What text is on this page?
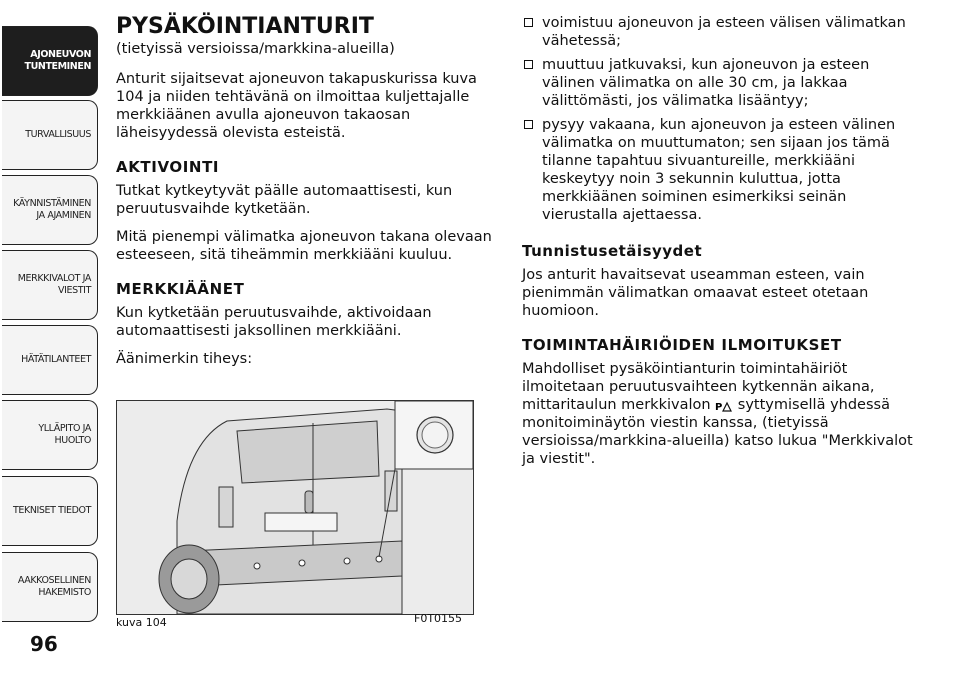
AJONEUVON
TUNTEMINEN
TURVALLISUUS
KÄYNNISTÄMINEN
JA AJAMINEN
MERKKIVALOT JA
VIESTIT
HÄTÄTILANTEET
YLLÄPITO JA HUOLTO
TEKNISET TIEDOT
AAKKOSELLINEN
HAKEMISTO
96
PYSÄKÖINTIANTURIT
(tietyissä versioissa/markkina-alueilla)

Anturit sijaitsevat ajoneuvon takapuskurissa kuva 104 ja niiden tehtävänä on ilmoittaa kuljettajalle merkkiäänen avulla ajoneuvon takaosan läheisyydessä olevista esteistä.

AKTIVOINTI

Tutkat kytkeytyvät päälle automaattisesti, kun peruutusvaihde kytketään.

Mitä pienempi välimatka ajoneuvon takana olevaan esteeseen, sitä tiheämmin merkkiääni kuuluu.

MERKKIÄÄNET

Kun kytketään peruutusvaihde, aktivoidaan automaattisesti jaksollinen merkkiääni.

Äänimerkin tiheys:

kuva 104	F0T0155
voimistuu ajoneuvon ja esteen välisen välimatkan vähetessä;
muuttuu jatkuvaksi, kun ajoneuvon ja esteen välinen välimatka on alle 30 cm, ja lakkaa välittömästi, jos välimatka lisääntyy;
pysyy vakaana, kun ajoneuvon ja esteen välinen välimatka on muuttumaton; sen sijaan jos tämä tilanne tapahtuu sivuantureille, merkkiääni keskeytyy noin 3 sekunnin kuluttua, jotta merkkiäänen soiminen esimerkiksi seinän vierustalla ajettaessa.
Tunnistusetäisyydet

Jos anturit havaitsevat useamman esteen, vain pienimmän välimatkan omaavat esteet otetaan huomioon.

TOIMINTAHÄIRIÖIDEN ILMOITUKSET

Mahdolliset pysäköintianturin toimintahäiriöt ilmoitetaan peruutusvaihteen kytkennän aikana, mittaritaulun merkkivalon P syttymisellä yhdessä monitoiminäytön viestin kanssa, (tietyissä versioissa/markkina-alueilla) katso lukua "Merkkivalot ja viestit".
